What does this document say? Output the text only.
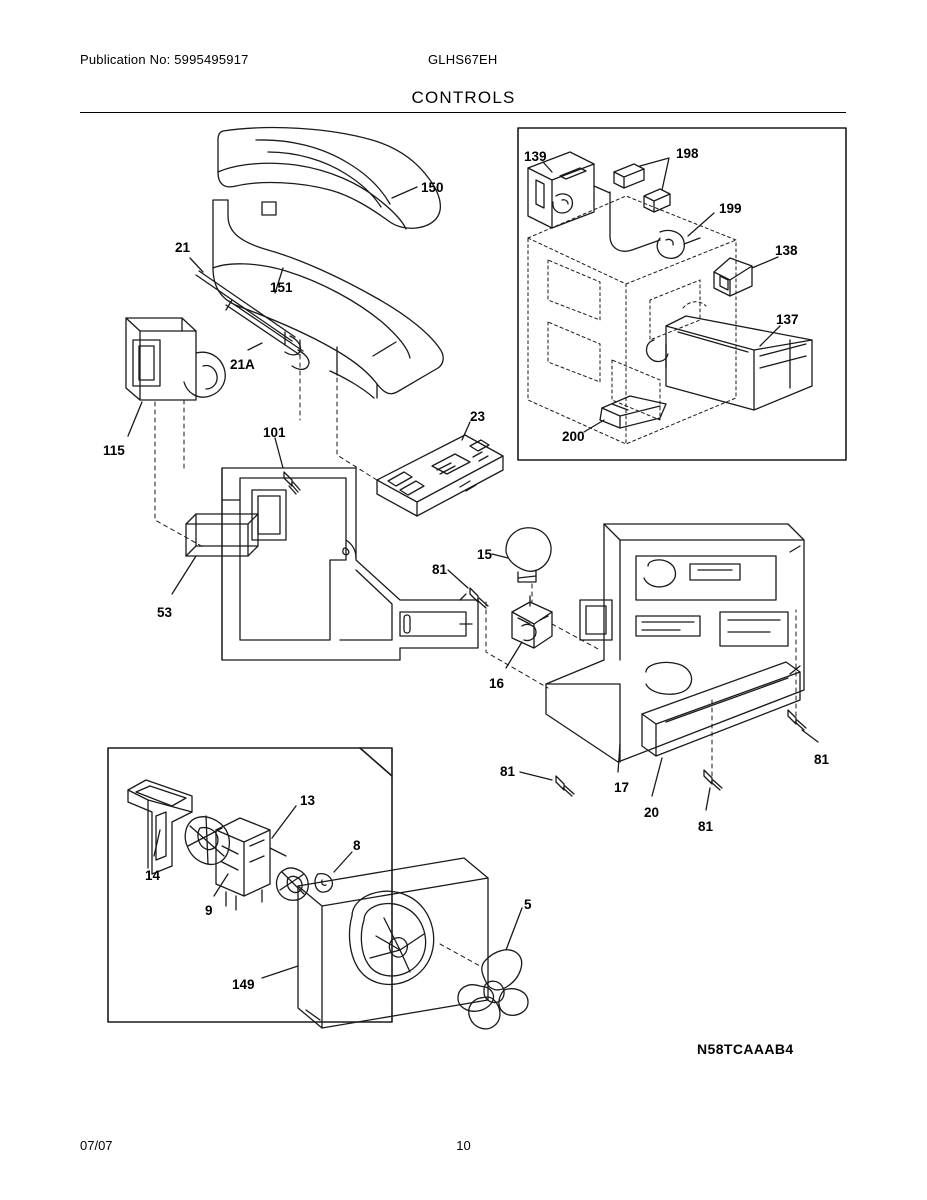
Publication No: 5995495917	GLHS67EH
CONTROLS
150
151
21
21A
115
101
23
53
139	198
199
138
137
200
15
81
16
81
17
20
81
81
13
8
14
9
149
5
N58TCAAAB4
07/07	10
